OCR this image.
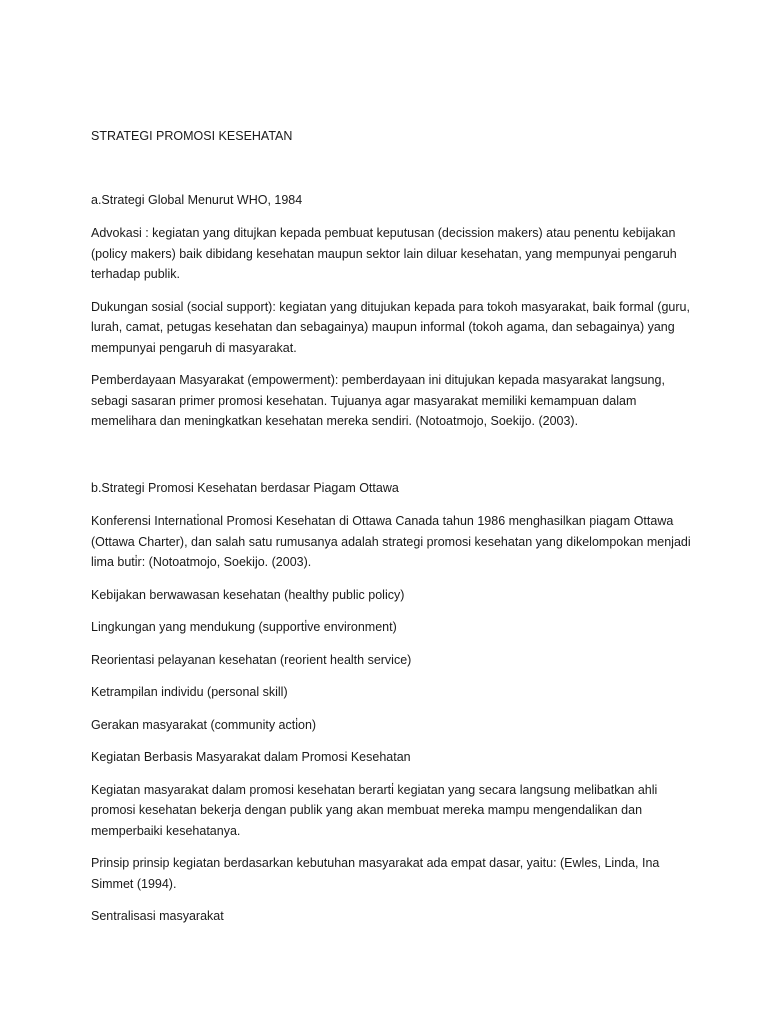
STRATEGI PROMOSI KESEHATAN

a.Strategi Global Menurut WHO, 1984

Advokasi : kegiatan yang ditujkan kepada pembuat keputusan (decission makers) atau penentu kebijakan (policy makers) baik dibidang kesehatan maupun sektor lain diluar kesehatan, yang mempunyai pengaruh terhadap publik.

Dukungan sosial (social support): kegiatan yang ditujukan kepada para tokoh masyarakat, baik formal (guru, lurah, camat, petugas kesehatan dan sebagainya) maupun informal (tokoh agama, dan sebagainya) yang mempunyai pengaruh di masyarakat.

Pemberdayaan Masyarakat (empowerment): pemberdayaan ini ditujukan kepada masyarakat langsung, sebagi sasaran primer promosi kesehatan. Tujuanya agar masyarakat memiliki kemampuan dalam memelihara dan meningkatkan kesehatan mereka sendiri. (Notoatmojo, Soekijo. (2003).

b.Strategi Promosi Kesehatan berdasar Piagam Ottawa

Konferensi Internati̇onal Promosi Kesehatan di Ottawa Canada tahun 1986 menghasilkan piagam Ottawa (Ottawa Charter), dan salah satu rumusanya adalah strategi promosi kesehatan yang dikelompokan menjadi lima buti̇r: (Notoatmojo, Soekijo. (2003).

Kebijakan berwawasan kesehatan (healthy public policy)

Lingkungan yang mendukung (supporti̇ve environment)

Reorientasi pelayanan kesehatan (reorient health service)

Ketrampilan individu (personal skill)

Gerakan masyarakat (community acti̇on)

Kegiatan Berbasis Masyarakat dalam Promosi Kesehatan

Kegiatan masyarakat dalam promosi kesehatan berarti̇ kegiatan yang secara langsung melibatkan ahli promosi kesehatan bekerja dengan publik yang akan membuat mereka mampu mengendalikan dan memperbaiki kesehatanya.

Prinsip prinsip kegiatan berdasarkan kebutuhan masyarakat ada empat dasar, yaitu: (Ewles, Linda, Ina Simmet (1994).

Sentralisasi masyarakat
